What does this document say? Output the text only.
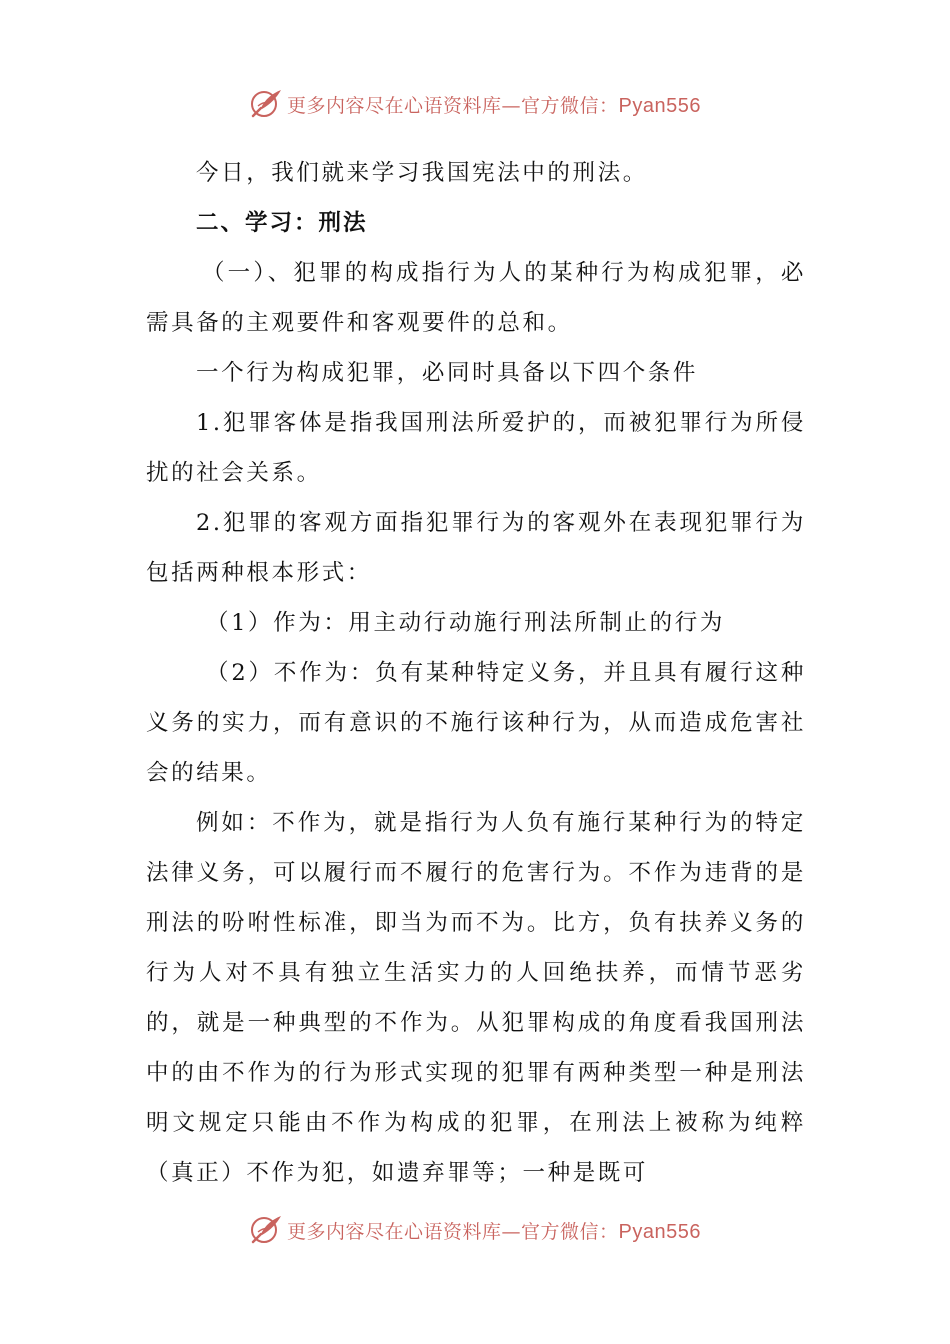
更多内容尽在心语资料库—官方微信：Pyan556

今日，我们就来学习我国宪法中的刑法。

二、学习：刑法

（一）、犯罪的构成指行为人的某种行为构成犯罪，必需具备的主观要件和客观要件的总和。

一个行为构成犯罪，必同时具备以下四个条件

1.犯罪客体是指我国刑法所爱护的，而被犯罪行为所侵扰的社会关系。

2.犯罪的客观方面指犯罪行为的客观外在表现犯罪行为包括两种根本形式：

（1）作为：用主动行动施行刑法所制止的行为

（2）不作为：负有某种特定义务，并且具有履行这种义务的实力，而有意识的不施行该种行为，从而造成危害社会的结果。

例如：不作为，就是指行为人负有施行某种行为的特定法律义务，可以履行而不履行的危害行为。不作为违背的是刑法的吩咐性标准，即当为而不为。比方，负有扶养义务的行为人对不具有独立生活实力的人回绝扶养，而情节恶劣的，就是一种典型的不作为。从犯罪构成的角度看我国刑法中的由不作为的行为形式实现的犯罪有两种类型一种是刑法明文规定只能由不作为构成的犯罪，在刑法上被称为纯粹（真正）不作为犯，如遗弃罪等；一种是既可

更多内容尽在心语资料库—官方微信：Pyan556
